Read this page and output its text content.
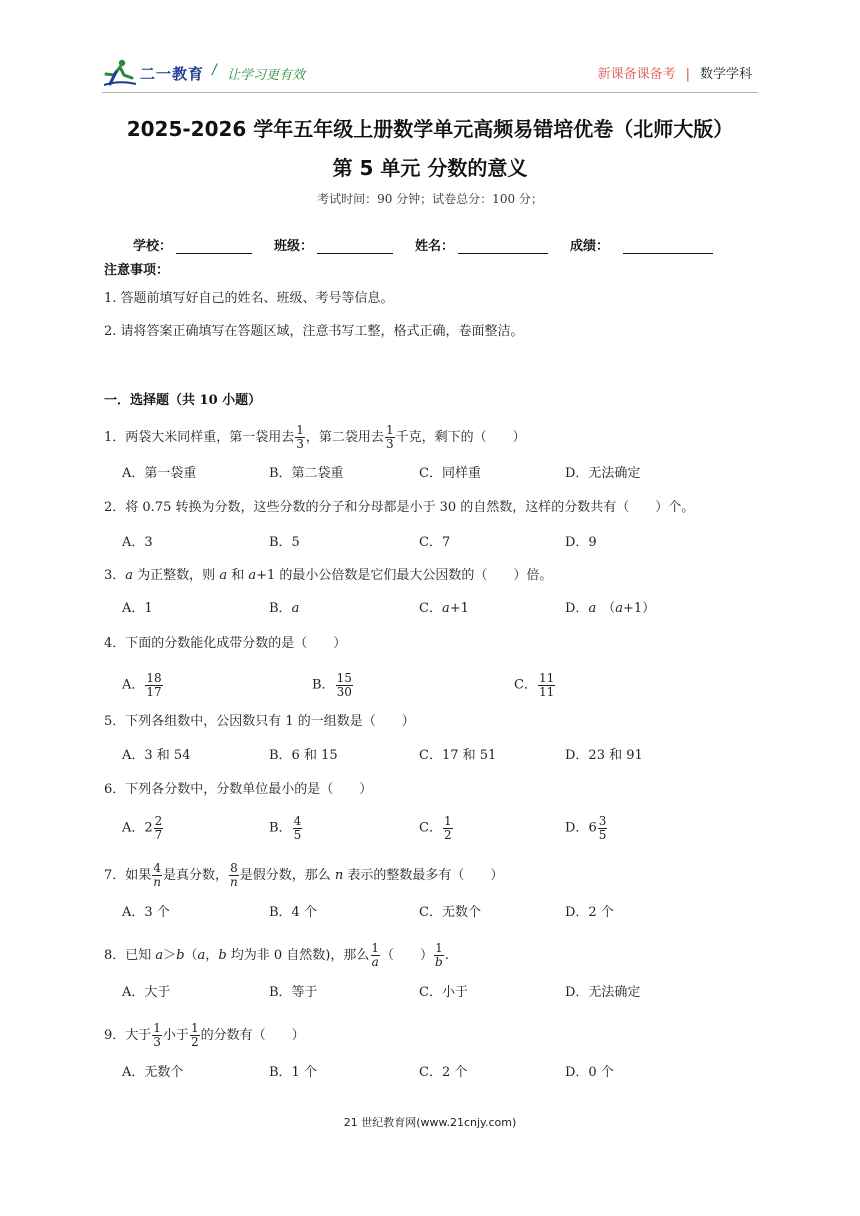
二一教育 / 让学习更有效	新课备课备考 | 数学学科
2025-2026 学年五年级上册数学单元高频易错培优卷（北师大版）
第 5 单元 分数的意义
考试时间：90 分钟；试卷总分：100 分；
学校：	班级：	姓名：	成绩：
注意事项：
1. 答题前填写好自己的姓名、班级、考号等信息。
2. 请将答案正确填写在答题区域，注意书写工整，格式正确，卷面整洁。
一．选择题（共 10 小题）
1．两袋大米同样重，第一袋用去 $\frac{1}{3}$ ，第二袋用去 $\frac{1}{3}$ 千克，剩下的（　　）
A．第一袋重	B．第二袋重	C．同样重	D．无法确定
2．将 0.75 转换为分数，这些分数的分子和分母都是小于 30 的自然数，这样的分数共有（　　）个。
A．3	B．5	C．7	D．9
3．a 为正整数，则 a 和 a+1 的最小公倍数是它们最大公因数的（　　）倍。
A．1	B．a	C．a+1	D．a （a+1）
4．下面的分数能化成带分数的是（　　）
A． $\frac{18}{17}$	B． $\frac{15}{30}$	C． $\frac{11}{11}$
5．下列各组数中，公因数只有 1 的一组数是（　　）
A．3 和 54	B．6 和 15	C．17 和 51	D．23 和 91
6．下列各分数中，分数单位最小的是（　　）
A．$2 \frac{2}{7}$	B． $\frac{4}{5}$	C． $\frac{1}{2}$	D．$6 \frac{3}{5}$
7．如果 $\frac{4}{n}$ 是真分数， $\frac{8}{n}$ 是假分数，那么 n 表示的整数最多有（　　）
A．3 个	B．4 个	C．无数个	D．2 个
8．已知 a＞b（a，b 均为非 0 自然数)，那么 $\frac{1}{a}$ （　　） $\frac{1}{b}$ .
A．大于	B．等于	C．小于	D．无法确定
9．大于 $\frac{1}{3}$ 小于 $\frac{1}{2}$ 的分数有（　　）
A．无数个	B．1 个	C．2 个	D．0 个
21 世纪教育网(www.21cnjy.com)
